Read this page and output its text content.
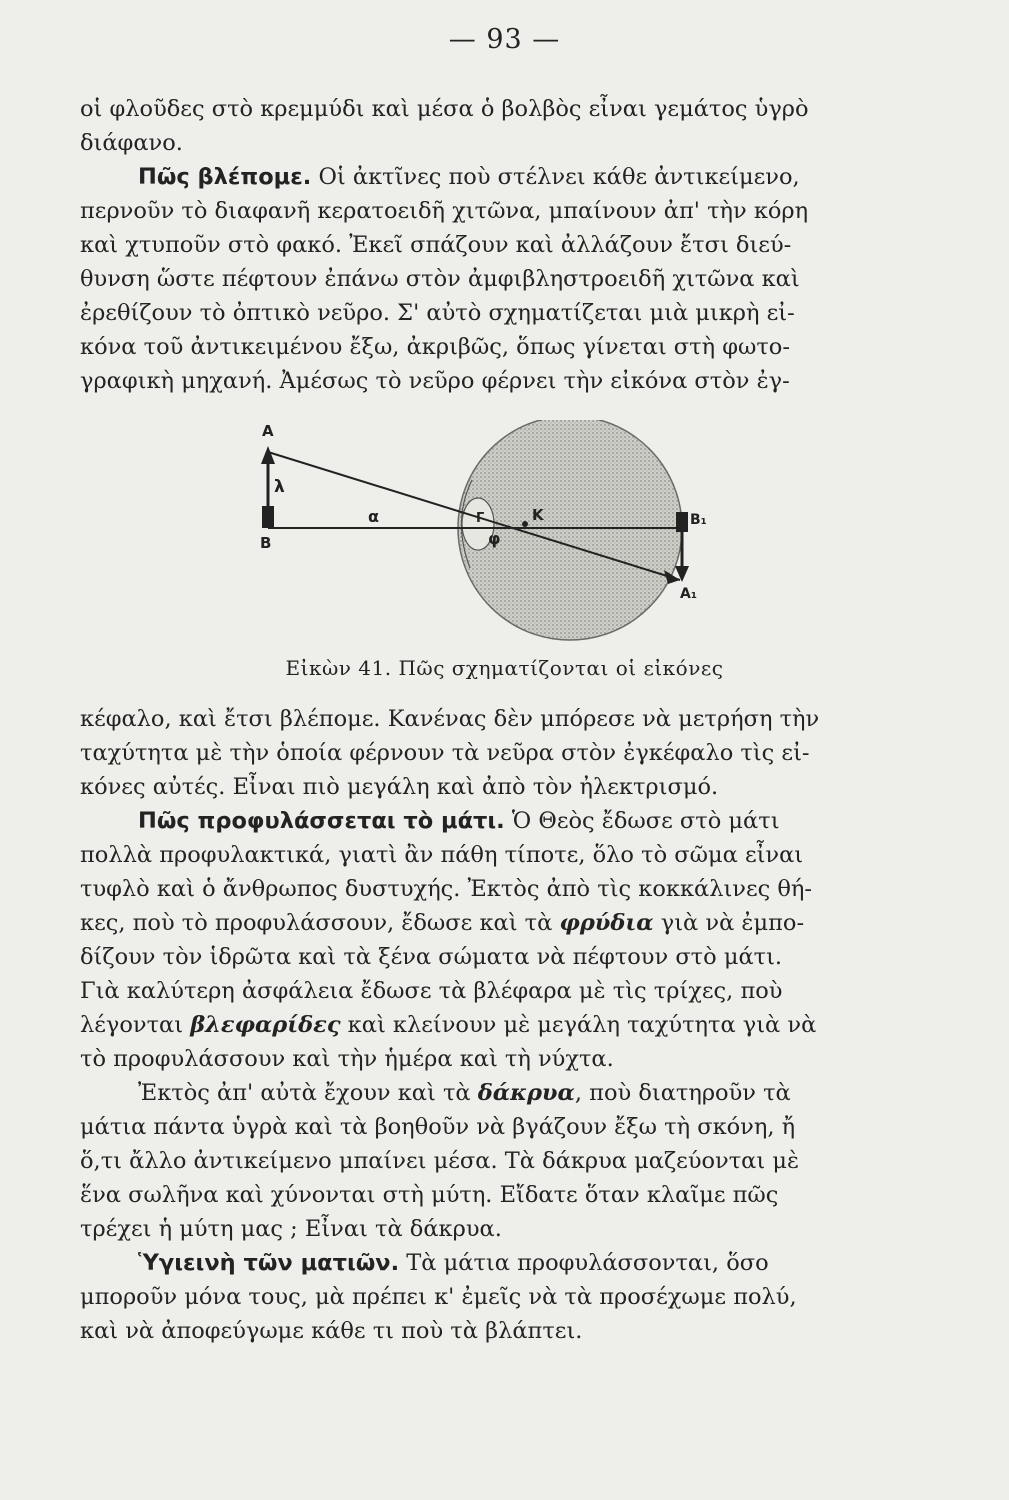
— 93 —
οἱ φλοῦδες στὸ κρεμμύδι καὶ μέσα ὁ βολβὸς εἶναι γεμάτος ὑγρὸ
διάφανο.
Πῶς βλέπομε. Οἱ ἀκτῖνες ποὺ στέλνει κάθε ἀντικείμενο,
περνοῦν τὸ διαφανῆ κερατοειδῆ χιτῶνα, μπαίνουν ἀπ' τὴν κόρη
καὶ χτυποῦν στὸ φακό. Ἐκεῖ σπάζουν καὶ ἀλλάζουν ἔτσι διεύ-
θυνση ὥστε πέφτουν ἐπάνω στὸν ἀμφιβληστροειδῆ χιτῶνα καὶ
ἐρεθίζουν τὸ ὀπτικὸ νεῦρο. Σ' αὐτὸ σχηματίζεται μιὰ μικρὴ εἰ-
κόνα τοῦ ἀντικειμένου ἔξω, ἀκριβῶς, ὅπως γίνεται στὴ φωτο-
γραφικὴ μηχανή. Ἀμέσως τὸ νεῦρο φέρνει τὴν εἰκόνα στὸν ἐγ-
A
λ
B
α	K
Γ
φ
B₁
A₁
Εἰκὼν 41. Πῶς σχηματίζονται οἱ εἰκόνες
κέφαλο, καὶ ἔτσι βλέπομε. Κανένας δὲν μπόρεσε νὰ μετρήση τὴν
ταχύτητα μὲ τὴν ὁποία φέρνουν τὰ νεῦρα στὸν ἐγκέφαλο τὶς εἰ-
κόνες αὐτές. Εἶναι πιὸ μεγάλη καὶ ἀπὸ τὸν ἠλεκτρισμό.
Πῶς προφυλάσσεται τὸ μάτι. Ὁ Θεὸς ἔδωσε στὸ μάτι
πολλὰ προφυλακτικά, γιατὶ ἂν πάθη τίποτε, ὅλο τὸ σῶμα εἶναι
τυφλὸ καὶ ὁ ἄνθρωπος δυστυχής. Ἐκτὸς ἀπὸ τὶς κοκκάλινες θή-
κες, ποὺ τὸ προφυλάσσουν, ἔδωσε καὶ τὰ φρύδια γιὰ νὰ ἐμπο-
δίζουν τὸν ἱδρῶτα καὶ τὰ ξένα σώματα νὰ πέφτουν στὸ μάτι.
Γιὰ καλύτερη ἀσφάλεια ἔδωσε τὰ βλέφαρα μὲ τὶς τρίχες, ποὺ
λέγονται βλεφαρίδες καὶ κλείνουν μὲ μεγάλη ταχύτητα γιὰ νὰ
τὸ προφυλάσσουν καὶ τὴν ἡμέρα καὶ τὴ νύχτα.
Ἐκτὸς ἀπ' αὐτὰ ἔχουν καὶ τὰ δάκρυα, ποὺ διατηροῦν τὰ
μάτια πάντα ὑγρὰ καὶ τὰ βοηθοῦν νὰ βγάζουν ἔξω τὴ σκόνη, ἤ
ὅ,τι ἄλλο ἀντικείμενο μπαίνει μέσα. Τὰ δάκρυα μαζεύονται μὲ
ἕνα σωλῆνα καὶ χύνονται στὴ μύτη. Εἴδατε ὅταν κλαῖμε πῶς
τρέχει ἡ μύτη μας ; Εἶναι τὰ δάκρυα.
Ὑγιεινὴ τῶν ματιῶν. Τὰ μάτια προφυλάσσονται, ὅσο
μποροῦν μόνα τους, μὰ πρέπει κ' ἐμεῖς νὰ τὰ προσέχωμε πολύ,
καὶ νὰ ἀποφεύγωμε κάθε τι ποὺ τὰ βλάπτει.
